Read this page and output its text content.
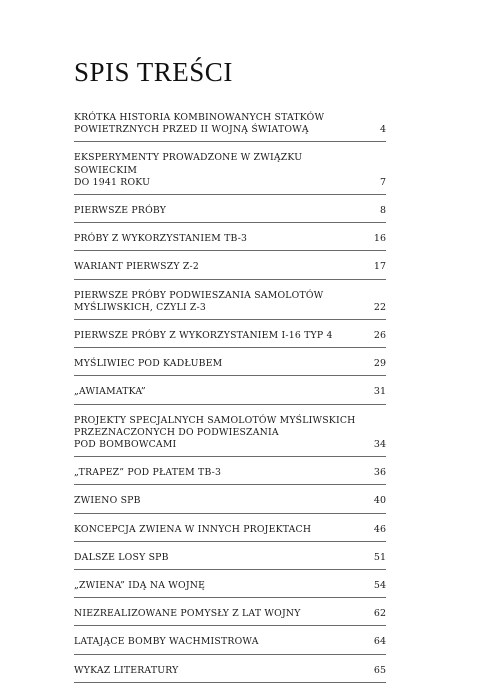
SPIS TREŚCI
KRÓTKA HISTORIA KOMBINOWANYCH STATKÓW
POWIETRZNYCH PRZED II WOJNĄ ŚWIATOWĄ	4
EKSPERYMENTY PROWADZONE W ZWIĄZKU
SOWIECKIM
DO 1941 ROKU	7
PIERWSZE PRÓBY	8
PRÓBY Z WYKORZYSTANIEM TB-3	16
WARIANT PIERWSZY Z-2	17
PIERWSZE PRÓBY PODWIESZANIA SAMOLOTÓW
MYŚLIWSKICH, CZYLI Z-3	22
PIERWSZE PRÓBY Z WYKORZYSTANIEM I-16 TYP 4	26
MYŚLIWIEC POD KADŁUBEM	29
„AWIAMATKA”	31
PROJEKTY SPECJALNYCH SAMOLOTÓW MYŚLIWSKICH
PRZEZNACZONYCH DO PODWIESZANIA
POD BOMBOWCAMI	34
„TRAPEZ” POD PŁATEM TB-3	36
ZWIENO SPB	40
KONCEPCJA ZWIENA W INNYCH PROJEKTACH	46
DALSZE LOSY SPB	51
„ZWIENA” IDĄ NA WOJNĘ	54
NIEZREALIZOWANE POMYSŁY Z LAT WOJNY	62
LATAJĄCE BOMBY WACHMISTROWA	64
WYKAZ LITERATURY	65
